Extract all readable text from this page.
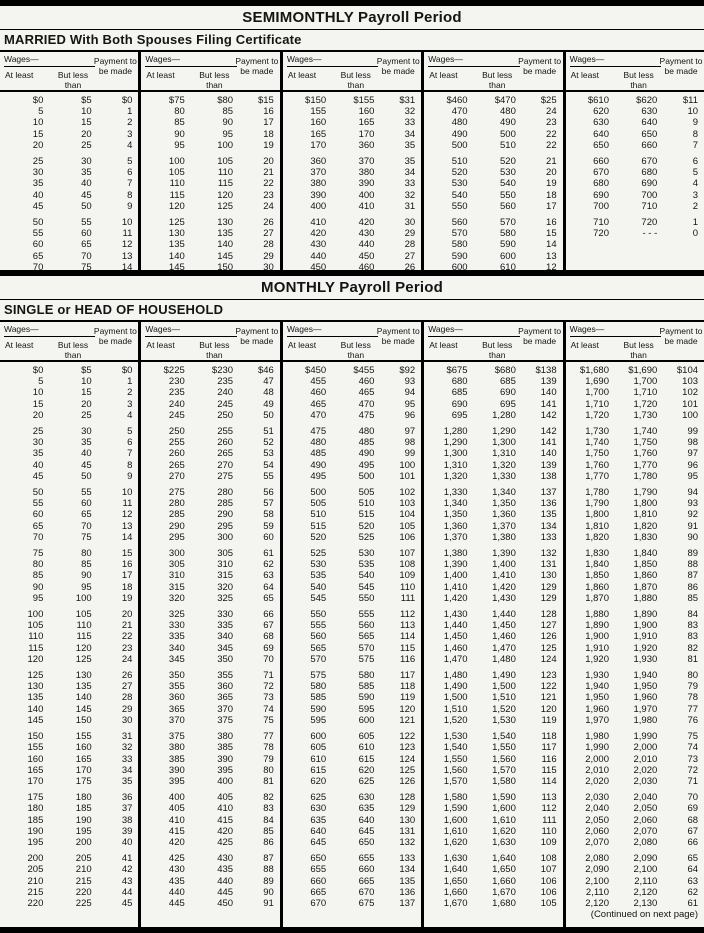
SEMIMONTHLY Payroll Period
MARRIED With Both Spouses Filing Certificate
Wages—	Payment to be made
At least	But less than
$0	$5	$0
5	10	1
10	15	2
15	20	3
20	25	4
25	30	5
30	35	6
35	40	7
40	45	8
45	50	9
50	55	10
55	60	11
60	65	12
65	70	13
70	75	14
Wages—	Payment to be made
At least	But less than
$75	$80	$15
80	85	16
85	90	17
90	95	18
95	100	19
100	105	20
105	110	21
110	115	22
115	120	23
120	125	24
125	130	26
130	135	27
135	140	28
140	145	29
145	150	30
Wages—	Payment to be made
At least	But less than
$150	$155	$31
155	160	32
160	165	33
165	170	34
170	360	35
360	370	35
370	380	34
380	390	33
390	400	32
400	410	31
410	420	30
420	430	29
430	440	28
440	450	27
450	460	26
Wages—	Payment to be made
At least	But less than
$460	$470	$25
470	480	24
480	490	23
490	500	22
500	510	22
510	520	21
520	530	20
530	540	19
540	550	18
550	560	17
560	570	16
570	580	15
580	590	14
590	600	13
600	610	12
Wages—	Payment to be made
At least	But less than
$610	$620	$11
620	630	10
630	640	9
640	650	8
650	660	7
660	670	6
670	680	5
680	690	4
690	700	3
700	710	2
710	720	1
720	- - -	0
MONTHLY Payroll Period
SINGLE or HEAD OF HOUSEHOLD
Wages—	Payment to be made
At least	But less than
$0	$5	$0
5	10	1
10	15	2
15	20	3
20	25	4
25	30	5
30	35	6
35	40	7
40	45	8
45	50	9
50	55	10
55	60	11
60	65	12
65	70	13
70	75	14
75	80	15
80	85	16
85	90	17
90	95	18
95	100	19
100	105	20
105	110	21
110	115	22
115	120	23
120	125	24
125	130	26
130	135	27
135	140	28
140	145	29
145	150	30
150	155	31
155	160	32
160	165	33
165	170	34
170	175	35
175	180	36
180	185	37
185	190	38
190	195	39
195	200	40
200	205	41
205	210	42
210	215	43
215	220	44
220	225	45
Wages—	Payment to be made
At least	But less than
$225	$230	$46
230	235	47
235	240	48
240	245	49
245	250	50
250	255	51
255	260	52
260	265	53
265	270	54
270	275	55
275	280	56
280	285	57
285	290	58
290	295	59
295	300	60
300	305	61
305	310	62
310	315	63
315	320	64
320	325	65
325	330	66
330	335	67
335	340	68
340	345	69
345	350	70
350	355	71
355	360	72
360	365	73
365	370	74
370	375	75
375	380	77
380	385	78
385	390	79
390	395	80
395	400	81
400	405	82
405	410	83
410	415	84
415	420	85
420	425	86
425	430	87
430	435	88
435	440	89
440	445	90
445	450	91
Wages—	Payment to be made
At least	But less than
$450	$455	$92
455	460	93
460	465	94
465	470	95
470	475	96
475	480	97
480	485	98
485	490	99
490	495	100
495	500	101
500	505	102
505	510	103
510	515	104
515	520	105
520	525	106
525	530	107
530	535	108
535	540	109
540	545	110
545	550	111
550	555	112
555	560	113
560	565	114
565	570	115
570	575	116
575	580	117
580	585	118
585	590	119
590	595	120
595	600	121
600	605	122
605	610	123
610	615	124
615	620	125
620	625	126
625	630	128
630	635	129
635	640	130
640	645	131
645	650	132
650	655	133
655	660	134
660	665	135
665	670	136
670	675	137
Wages—	Payment to be made
At least	But less than
$675	$680	$138
680	685	139
685	690	140
690	695	141
695	1,280	142
1,280	1,290	142
1,290	1,300	141
1,300	1,310	140
1,310	1,320	139
1,320	1,330	138
1,330	1,340	137
1,340	1,350	136
1,350	1,360	135
1,360	1,370	134
1,370	1,380	133
1,380	1,390	132
1,390	1,400	131
1,400	1,410	130
1,410	1,420	129
1,420	1,430	129
1,430	1,440	128
1,440	1,450	127
1,450	1,460	126
1,460	1,470	125
1,470	1,480	124
1,480	1,490	123
1,490	1,500	122
1,500	1,510	121
1,510	1,520	120
1,520	1,530	119
1,530	1,540	118
1,540	1,550	117
1,550	1,560	116
1,560	1,570	115
1,570	1,580	114
1,580	1,590	113
1,590	1,600	112
1,600	1,610	111
1,610	1,620	110
1,620	1,630	109
1,630	1,640	108
1,640	1,650	107
1,650	1,660	106
1,660	1,670	106
1,670	1,680	105
Wages—	Payment to be made
At least	But less than
$1,680	$1,690	$104
1,690	1,700	103
1,700	1,710	102
1,710	1,720	101
1,720	1,730	100
1,730	1,740	99
1,740	1,750	98
1,750	1,760	97
1,760	1,770	96
1,770	1,780	95
1,780	1,790	94
1,790	1,800	93
1,800	1,810	92
1,810	1,820	91
1,820	1,830	90
1,830	1,840	89
1,840	1,850	88
1,850	1,860	87
1,860	1,870	86
1,870	1,880	85
1,880	1,890	84
1,890	1,900	83
1,900	1,910	83
1,910	1,920	82
1,920	1,930	81
1,930	1,940	80
1,940	1,950	79
1,950	1,960	78
1,960	1,970	77
1,970	1,980	76
1,980	1,990	75
1,990	2,000	74
2,000	2,010	73
2,010	2,020	72
2,020	2,030	71
2,030	2,040	70
2,040	2,050	69
2,050	2,060	68
2,060	2,070	67
2,070	2,080	66
2,080	2,090	65
2,090	2,100	64
2,100	2,110	63
2,110	2,120	62
2,120	2,130	61
(Continued on next page)
